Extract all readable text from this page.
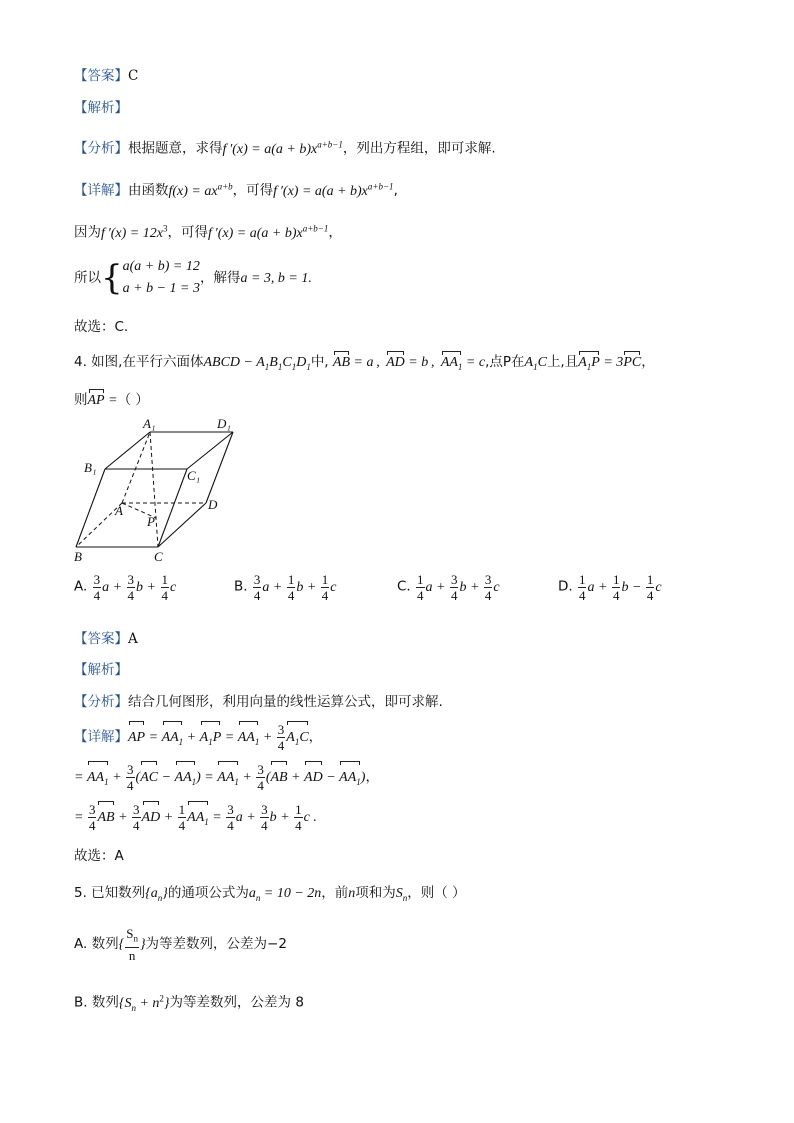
【答案】C
【解析】
【分析】根据题意，求得f $'(x) = a(a + b)x^{a+b-1}$，列出方程组，即可求解.
【详解】由函数$f(x) = ax^{a+b}$，可得f $'(x) = a(a + b)x^{a+b-1}$,
因为f $'(x) = 12x^3$，可得f $'(x) = a(a + b)x^{a+b-1}$，
所以{ a(a + b) = 12
a + b − 1 = 3
，解得a = 3, b = 1.
故选：C.
4. 如图,在平行六面体ABCD − $A_1B_1C_1D_1$中, AB = a ,  AD = b ,  $AA_1 = c$,点P在$A_1C$上,且$A_1P = 3PC$，
则AP =（ ）
A₁	D₁
B₁
C₁
A
P
D
B	C
A. $\frac{3}{4}$ $a + \frac{3}{4}$ $b + \frac{1}{4}$ c	B. $\frac{3}{4}$ $a + \frac{1}{4}$ $b + \frac{1}{4}$ c	C. $\frac{1}{4}$ $a + \frac{3}{4}$ $b + \frac{3}{4}$ c	D. $\frac{1}{4}$ $a + \frac{1}{4}$ $b - \frac{1}{4}$ c
【答案】A
【解析】
【分析】结合几何图形，利用向量的线性运算公式，即可求解.
【详解】AP = $AA_1 + A_1P = AA_1 + \frac{3}{4} A_1C$，
= $AA_1 + \frac{3}{4} (AC - AA_1) = AA_1 + \frac{3}{4} (AB$ + AD − $AA_1$)，
= $\frac{3}{4}$ AB + $\frac{3}{4}$ AD + $\frac{1}{4} AA_1 = \frac{3}{4}$ $a + \frac{3}{4}$ $b + \frac{1}{4}$ c .
故选：A
5. 已知数列$\{a_n\}$的通项公式为$a_n = 10 - 2n$，前n项和为$S_n$，则（ ）
A. 数列{ $\frac{S_n}{n}$ }为等差数列，公差为−2
B. 数列$\{S_n + n^2\}$为等差数列，公差为 8
